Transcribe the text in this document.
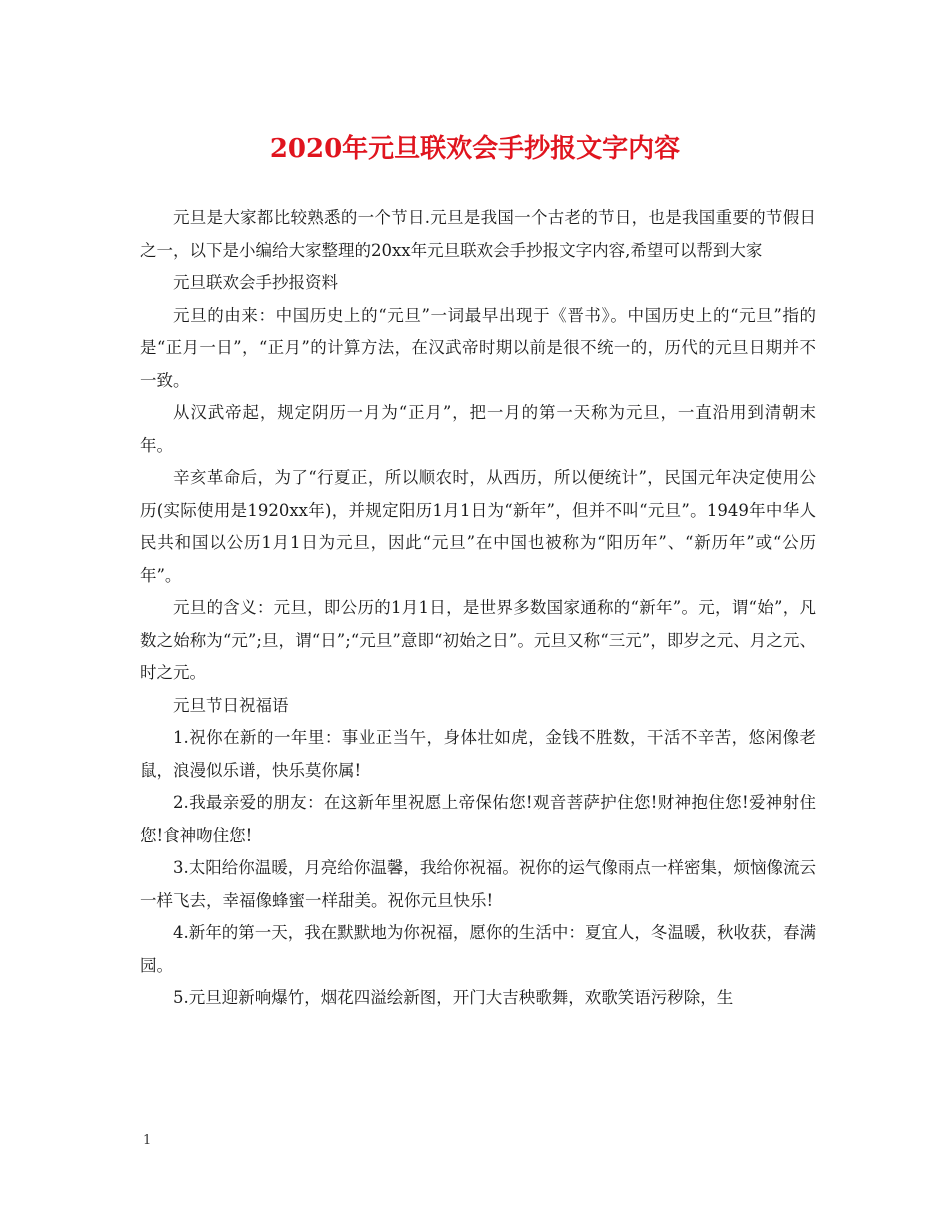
2020年元旦联欢会手抄报文字内容

元旦是大家都比较熟悉的一个节日.元旦是我国一个古老的节日，也是我国重要的节假日之一，以下是小编给大家整理的20xx年元旦联欢会手抄报文字内容,希望可以帮到大家

元旦联欢会手抄报资料

元旦的由来：中国历史上的“元旦”一词最早出现于《晋书》。中国历史上的“元旦”指的是“正月一日”，“正月”的计算方法，在汉武帝时期以前是很不统一的，历代的元旦日期并不一致。

从汉武帝起，规定阴历一月为“正月”，把一月的第一天称为元旦，一直沿用到清朝末年。

辛亥革命后，为了“行夏正，所以顺农时，从西历，所以便统计”，民国元年决定使用公历(实际使用是1920xx年)，并规定阳历1月1日为“新年”，但并不叫“元旦”。1949年中华人民共和国以公历1月1日为元旦，因此“元旦”在中国也被称为“阳历年”、“新历年”或“公历年”。

元旦的含义：元旦，即公历的1月1日，是世界多数国家通称的“新年”。元，谓“始”，凡数之始称为“元”;旦，谓“日”;“元旦”意即“初始之日”。元旦又称“三元”，即岁之元、月之元、时之元。

元旦节日祝福语

1.祝你在新的一年里：事业正当午，身体壮如虎，金钱不胜数，干活不辛苦，悠闲像老鼠，浪漫似乐谱，快乐莫你属!

2.我最亲爱的朋友：在这新年里祝愿上帝保佑您!观音菩萨护住您!财神抱住您!爱神射住您!食神吻住您!

3.太阳给你温暖，月亮给你温馨，我给你祝福。祝你的运气像雨点一样密集，烦恼像流云一样飞去，幸福像蜂蜜一样甜美。祝你元旦快乐!

4.新年的第一天，我在默默地为你祝福，愿你的生活中：夏宜人，冬温暖，秋收获，春满园。

5.元旦迎新响爆竹，烟花四溢绘新图，开门大吉秧歌舞，欢歌笑语污秽除，生

1
